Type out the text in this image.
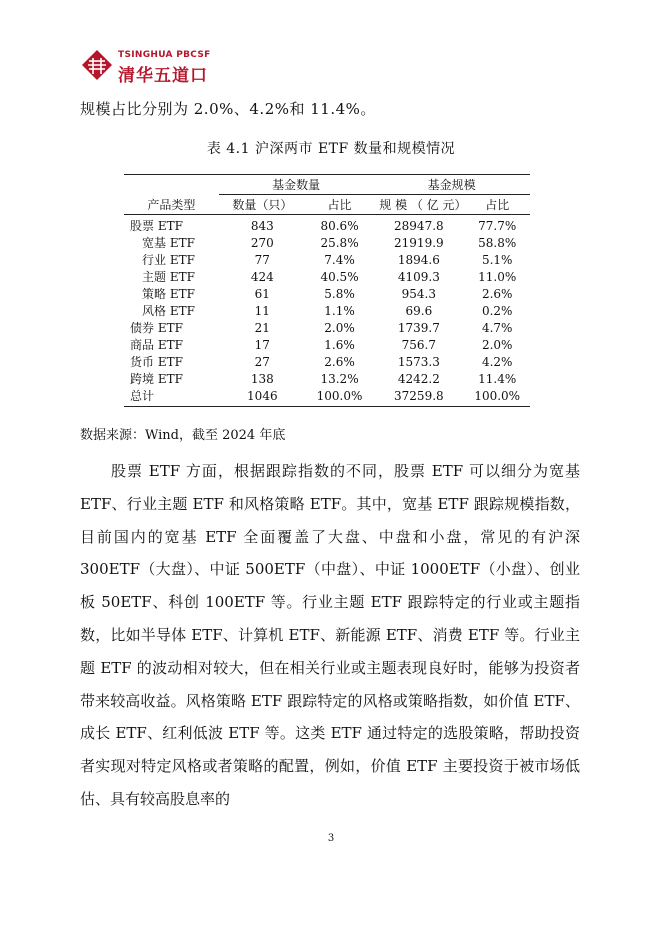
TSINGHUA PBCSF
清华五道口
规模占比分别为 2.0%、4.2%和 11.4%。
表 4.1 沪深两市 ETF 数量和规模情况
	基金数量		基金规模	
产品类型	数量（只）	占比	规 模 （ 亿 元）	占比
股票 ETF	843	80.6%	28947.8	77.7%
宽基 ETF	270	25.8%	21919.9	58.8%
行业 ETF	77	7.4%	1894.6	5.1%
主题 ETF	424	40.5%	4109.3	11.0%
策略 ETF	61	5.8%	954.3	2.6%
风格 ETF	11	1.1%	69.6	0.2%
债券 ETF	21	2.0%	1739.7	4.7%
商品 ETF	17	1.6%	756.7	2.0%
货币 ETF	27	2.6%	1573.3	4.2%
跨境 ETF	138	13.2%	4242.2	11.4%
总计	1046	100.0%	37259.8	100.0%
数据来源：Wind，截至 2024 年底
股票 ETF 方面，根据跟踪指数的不同，股票 ETF 可以细分为宽基 ETF、行业主题 ETF 和风格策略 ETF。其中，宽基 ETF 跟踪规模指数，目前国内的宽基 ETF 全面覆盖了大盘、中盘和小盘，常见的有沪深 300ETF（大盘）、中证 500ETF（中盘）、中证 1000ETF（小盘）、创业板 50ETF、科创 100ETF 等。行业主题 ETF 跟踪特定的行业或主题指数，比如半导体 ETF、计算机 ETF、新能源 ETF、消费 ETF 等。行业主题 ETF 的波动相对较大，但在相关行业或主题表现良好时，能够为投资者带来较高收益。风格策略 ETF 跟踪特定的风格或策略指数，如价值 ETF、成长 ETF、红利低波 ETF 等。这类 ETF 通过特定的选股策略，帮助投资者实现对特定风格或者策略的配置，例如，价值 ETF 主要投资于被市场低估、具有较高股息率的
3
